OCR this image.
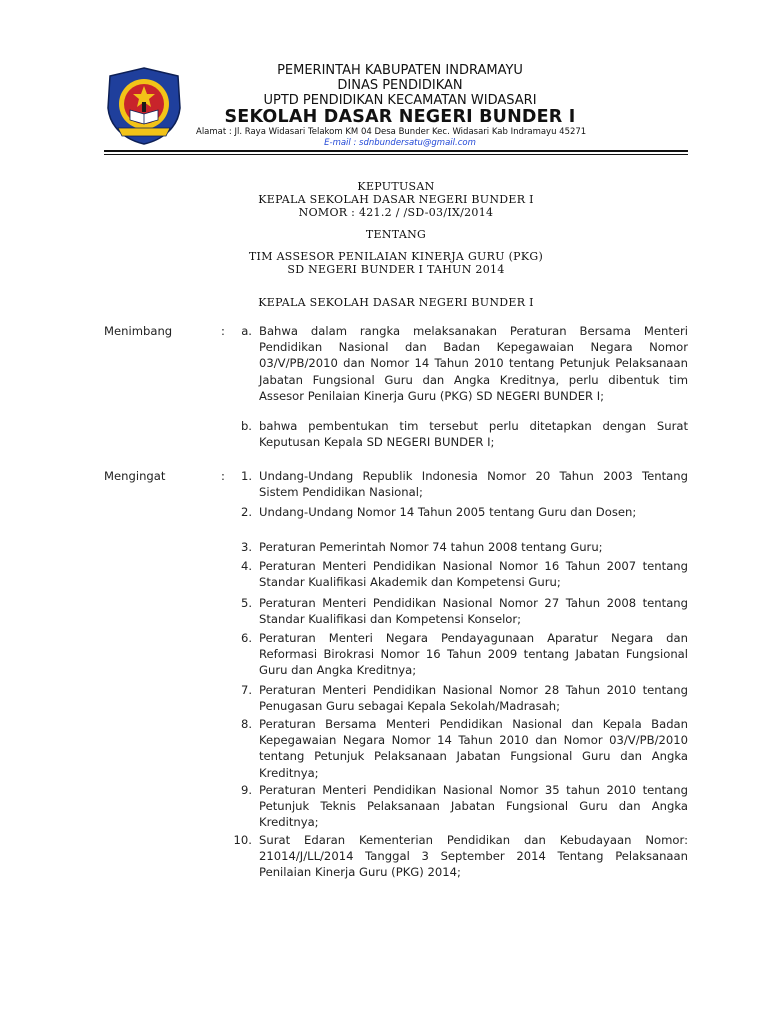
PEMERINTAH KABUPATEN INDRAMAYU
DINAS PENDIDIKAN
UPTD PENDIDIKAN KECAMATAN WIDASARI
SEKOLAH DASAR NEGERI BUNDER I
Alamat : Jl. Raya Widasari Telakom KM 04 Desa Bunder Kec. Widasari Kab Indramayu 45271
E-mail : sdnbundersatu@gmail.com
KEPUTUSAN
KEPALA SEKOLAH DASAR NEGERI BUNDER I
NOMOR : 421.2 / /SD-03/IX/2014
TENTANG
TIM ASSESOR PENILAIAN KINERJA GURU (PKG)
SD NEGERI BUNDER I TAHUN 2014
KEPALA SEKOLAH DASAR NEGERI BUNDER I
Menimbang	: a. Bahwa dalam rangka melaksanakan Peraturan Bersama Menteri Pendidikan Nasional dan Badan Kepegawaian Negara Nomor 03/V/PB/2010 dan Nomor 14 Tahun 2010 tentang Petunjuk Pelaksanaan Jabatan Fungsional Guru dan Angka Kreditnya, perlu dibentuk tim Assesor Penilaian Kinerja Guru (PKG) SD NEGERI BUNDER I;
b. bahwa pembentukan tim tersebut perlu ditetapkan dengan Surat Keputusan Kepala SD NEGERI BUNDER I;
Mengingat	: 1. Undang-Undang Republik Indonesia Nomor 20 Tahun 2003 Tentang Sistem Pendidikan Nasional;
2. Undang-Undang Nomor 14 Tahun 2005 tentang Guru dan Dosen;
3. Peraturan Pemerintah Nomor 74 tahun 2008 tentang Guru;
4. Peraturan Menteri Pendidikan Nasional Nomor 16 Tahun 2007 tentang Standar Kualifikasi Akademik dan Kompetensi Guru;
5. Peraturan Menteri Pendidikan Nasional Nomor 27 Tahun 2008 tentang Standar Kualifikasi dan Kompetensi Konselor;
6. Peraturan Menteri Negara Pendayagunaan Aparatur Negara dan Reformasi Birokrasi Nomor 16 Tahun 2009 tentang Jabatan Fungsional Guru dan Angka Kreditnya;
7. Peraturan Menteri Pendidikan Nasional Nomor 28 Tahun 2010 tentang Penugasan Guru sebagai Kepala Sekolah/Madrasah;
8. Peraturan Bersama Menteri Pendidikan Nasional dan Kepala Badan Kepegawaian Negara Nomor 14 Tahun 2010 dan Nomor 03/V/PB/2010 tentang Petunjuk Pelaksanaan Jabatan Fungsional Guru dan Angka Kreditnya;
9. Peraturan Menteri Pendidikan Nasional Nomor 35 tahun 2010 tentang Petunjuk Teknis Pelaksanaan Jabatan Fungsional Guru dan Angka Kreditnya;
10. Surat Edaran Kementerian Pendidikan dan Kebudayaan Nomor: 21014/J/LL/2014 Tanggal 3 September 2014 Tentang Pelaksanaan Penilaian Kinerja Guru (PKG) 2014;
